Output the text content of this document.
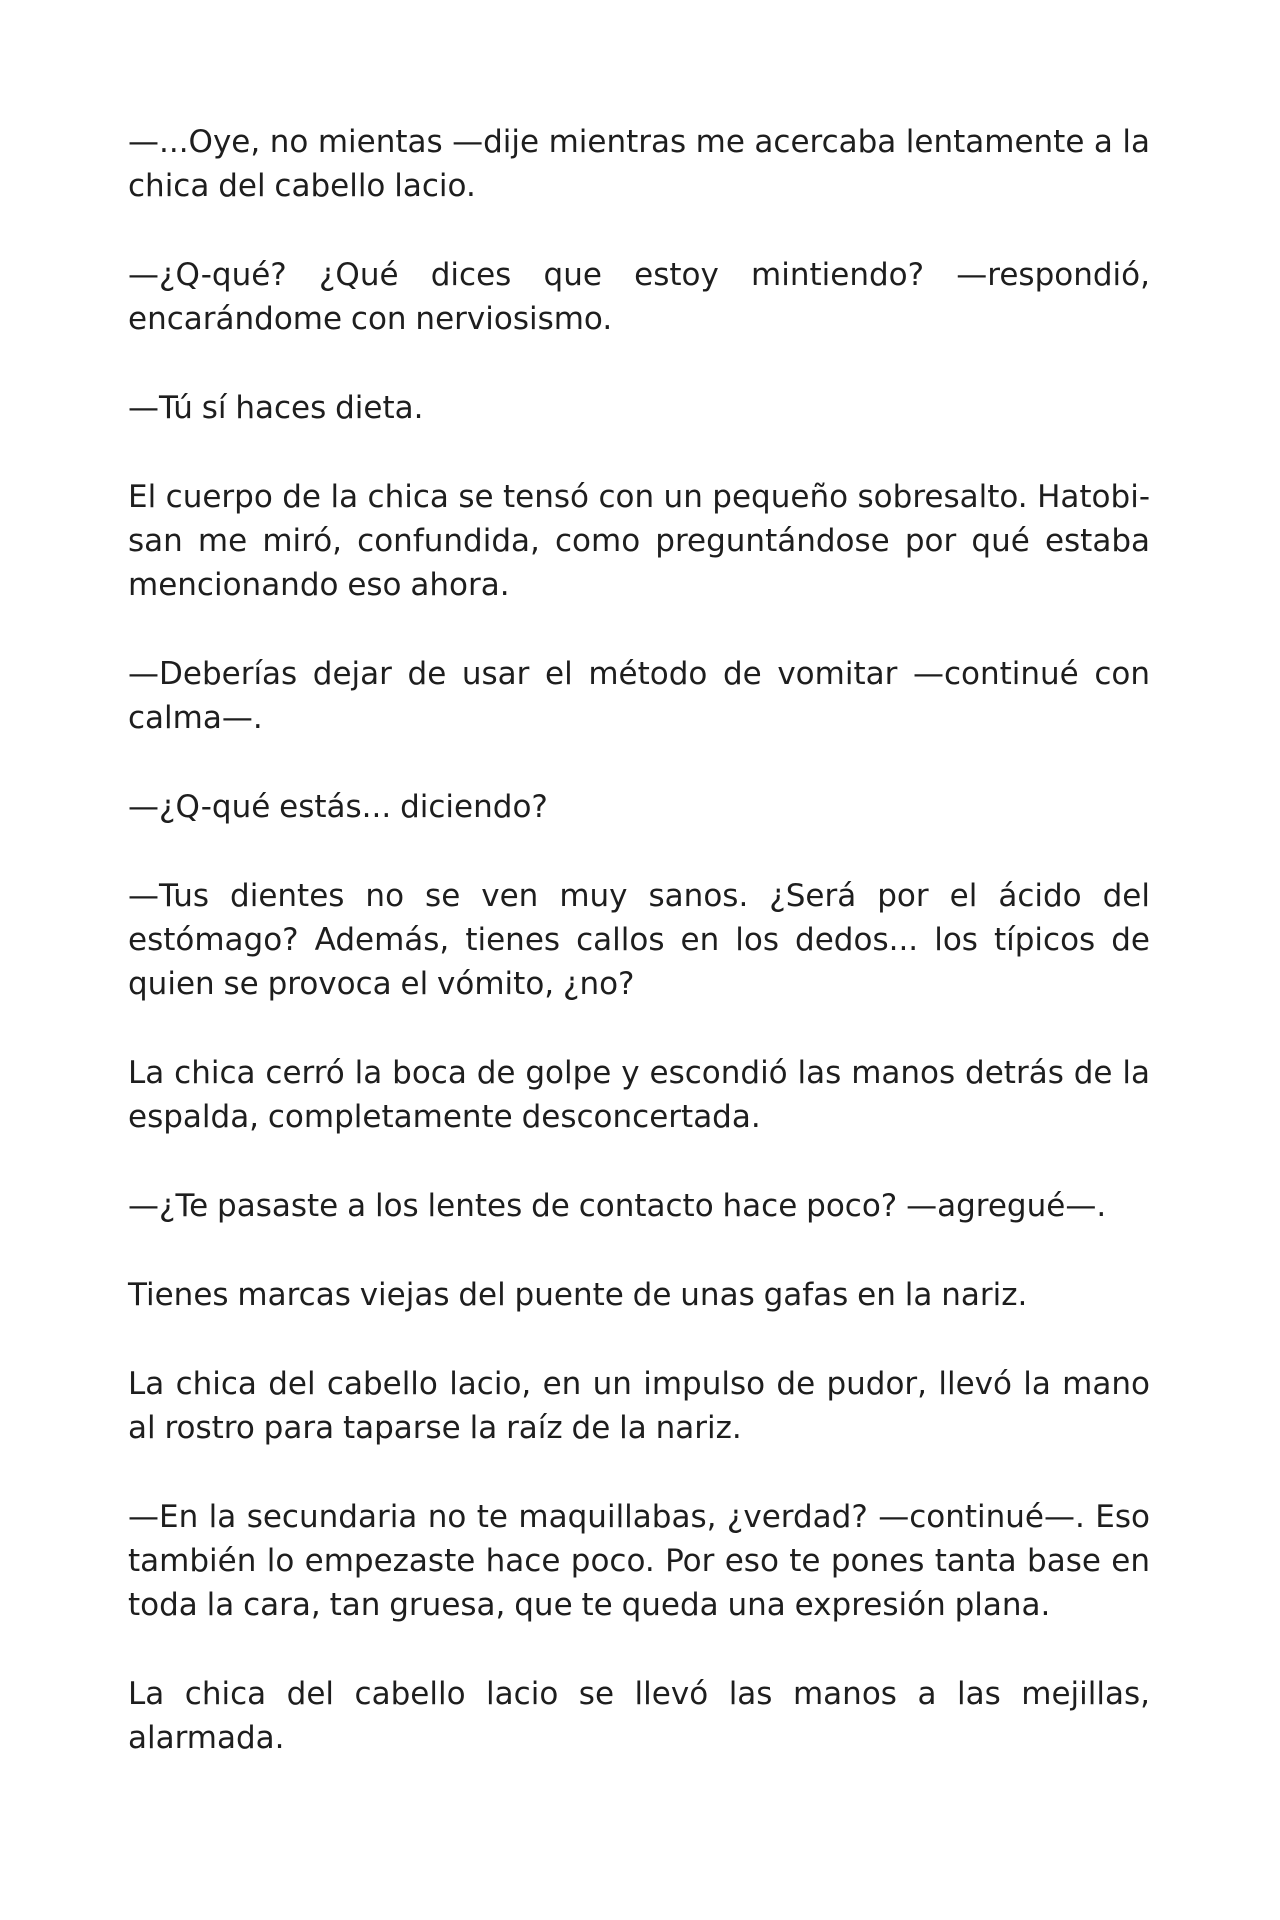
—...Oye, no mientas —dije mientras me acercaba lentamente a la chica del cabello lacio.

—¿Q-qué? ¿Qué dices que estoy mintiendo? —respondió, encarándome con nerviosismo.

—Tú sí haces dieta.

El cuerpo de la chica se tensó con un pequeño sobresalto. Hatobi-san me miró, confundida, como preguntándose por qué estaba mencionando eso ahora.

—Deberías dejar de usar el método de vomitar —continué con calma—.

—¿Q-qué estás... diciendo?

—Tus dientes no se ven muy sanos. ¿Será por el ácido del estómago? Además, tienes callos en los dedos... los típicos de quien se provoca el vómito, ¿no?

La chica cerró la boca de golpe y escondió las manos detrás de la espalda, completamente desconcertada.

—¿Te pasaste a los lentes de contacto hace poco? —agregué—.

Tienes marcas viejas del puente de unas gafas en la nariz.

La chica del cabello lacio, en un impulso de pudor, llevó la mano al rostro para taparse la raíz de la nariz.

—En la secundaria no te maquillabas, ¿verdad? —continué—. Eso también lo empezaste hace poco. Por eso te pones tanta base en toda la cara, tan gruesa, que te queda una expresión plana.

La chica del cabello lacio se llevó las manos a las mejillas, alarmada.
